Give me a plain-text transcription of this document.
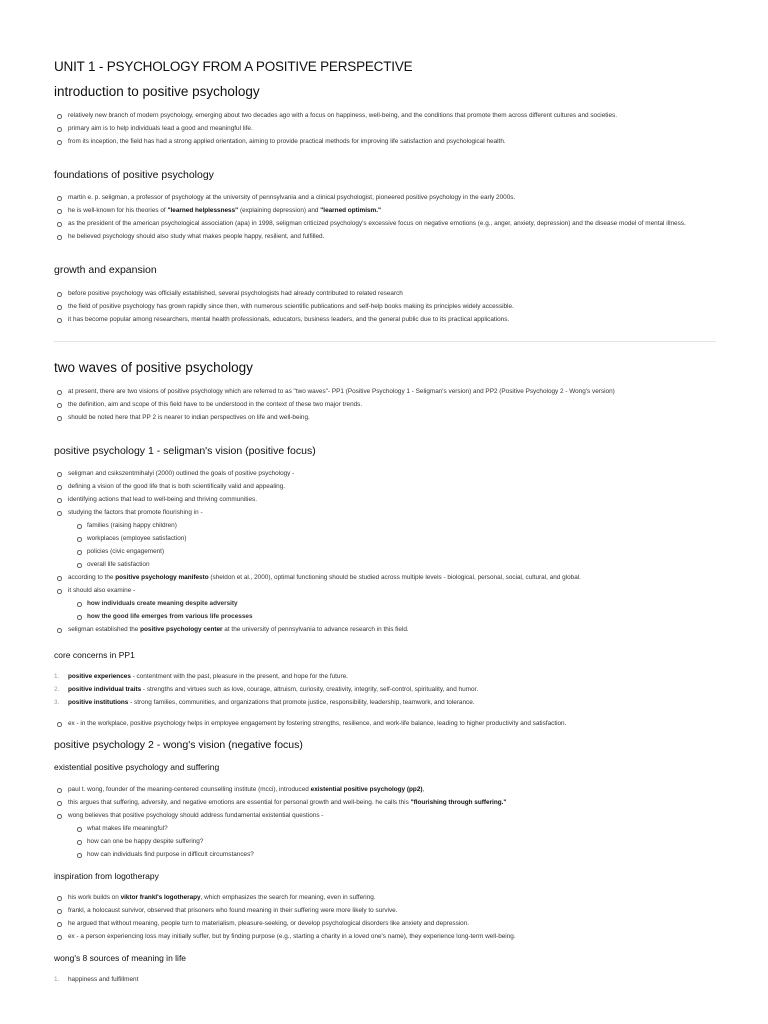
UNIT 1 - PSYCHOLOGY FROM A POSITIVE PERSPECTIVE
introduction to positive psychology
relatively new branch of modern psychology, emerging about two decades ago with a focus on happiness, well-being, and the conditions that promote them across different cultures and societies.
primary aim is to help individuals lead a good and meaningful life.
from its inception, the field has had a strong applied orientation, aiming to provide practical methods for improving life satisfaction and psychological health.
foundations of positive psychology
martin e. p. seligman, a professor of psychology at the university of pennsylvania and a clinical psychologist, pioneered positive psychology in the early 2000s.
he is well-known for his theories of "learned helplessness" (explaining depression) and "learned optimism."
as the president of the american psychological association (apa) in 1998, seligman criticized psychology's excessive focus on negative emotions (e.g., anger, anxiety, depression) and the disease model of mental illness.
he believed psychology should also study what makes people happy, resilient, and fulfilled.
growth and expansion
before positive psychology was officially established, several psychologists had already contributed to related research
the field of positive psychology has grown rapidly since then, with numerous scientific publications and self-help books making its principles widely accessible.
it has become popular among researchers, mental health professionals, educators, business leaders, and the general public due to its practical applications.
two waves of positive psychology
at present, there are two visions of positive psychology which are referred to as "two waves"- PP1 (Positive Psychology 1 - Seligman's version) and PP2 (Positive Psychology 2 - Wong's version)
the definition, aim and scope of this field have to be understood in the context of these two major trends.
should be noted here that PP 2 is nearer to indian perspectives on life and well-being.
positive psychology 1 - seligman's vision (positive focus)
seligman and csikszentmihalyi (2000) outlined the goals of positive psychology -
defining a vision of the good life that is both scientifically valid and appealing.
identifying actions that lead to well-being and thriving communities.
studying the factors that promote flourishing in -
families (raising happy children)
workplaces (employee satisfaction)
policies (civic engagement)
overall life satisfaction
according to the positive psychology manifesto (sheldon et al., 2000), optimal functioning should be studied across multiple levels - biological, personal, social, cultural, and global.
it should also examine -
how individuals create meaning despite adversity
how the good life emerges from various life processes
seligman established the positive psychology center at the university of pennsylvania to advance research in this field.
core concerns in PP1
1. positive experiences - contentment with the past, pleasure in the present, and hope for the future.
2. positive individual traits - strengths and virtues such as love, courage, altruism, curiosity, creativity, integrity, self-control, spirituality, and humor.
3. positive institutions - strong families, communities, and organizations that promote justice, responsibility, leadership, teamwork, and tolerance.
ex - in the workplace, positive psychology helps in employee engagement by fostering strengths, resilience, and work-life balance, leading to higher productivity and satisfaction.
positive psychology 2 - wong's vision (negative focus)
existential positive psychology and suffering
paul t. wong, founder of the meaning-centered counselling institute (mcci), introduced existential positive psychology (pp2),
this argues that suffering, adversity, and negative emotions are essential for personal growth and well-being. he calls this "flourishing through suffering."
wong believes that positive psychology should address fundamental existential questions -
what makes life meaningful?
how can one be happy despite suffering?
how can individuals find purpose in difficult circumstances?
inspiration from logotherapy
his work builds on viktor frankl's logotherapy, which emphasizes the search for meaning, even in suffering.
frankl, a holocaust survivor, observed that prisoners who found meaning in their suffering were more likely to survive.
he argued that without meaning, people turn to materialism, pleasure-seeking, or develop psychological disorders like anxiety and depression.
ex - a person experiencing loss may initially suffer, but by finding purpose (e.g., starting a charity in a loved one's name), they experience long-term well-being.
wong's 8 sources of meaning in life
1. happiness and fulfillment
